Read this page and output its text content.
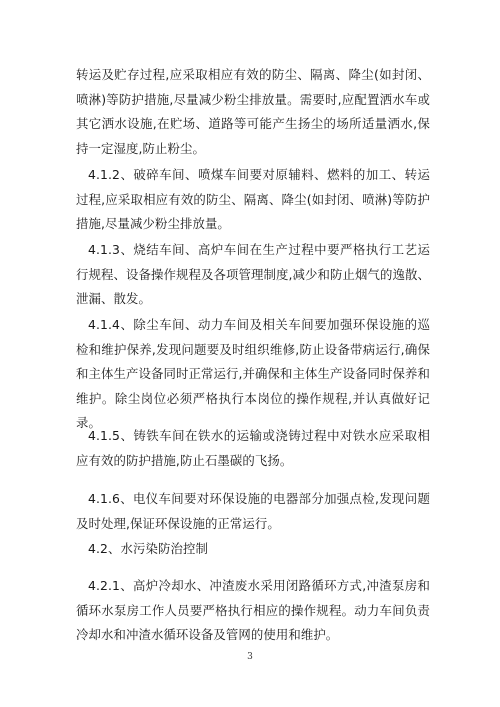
转运及贮存过程,应采取相应有效的防尘、隔离、降尘(如封闭、喷淋)等防护措施,尽量减少粉尘排放量。需要时,应配置洒水车或其它洒水设施,在贮场、道路等可能产生扬尘的场所适量洒水,保持一定湿度,防止粉尘。

4.1.2、破碎车间、喷煤车间要对原辅料、燃料的加工、转运过程,应采取相应有效的防尘、隔离、降尘(如封闭、喷淋)等防护措施,尽量减少粉尘排放量。

4.1.3、烧结车间、高炉车间在生产过程中要严格执行工艺运行规程、设备操作规程及各项管理制度,减少和防止烟气的逸散、泄漏、散发。

4.1.4、除尘车间、动力车间及相关车间要加强环保设施的巡检和维护保养,发现问题要及时组织维修,防止设备带病运行,确保和主体生产设备同时正常运行,并确保和主体生产设备同时保养和维护。除尘岗位必须严格执行本岗位的操作规程,并认真做好记录。

4.1.5、铸铁车间在铁水的运输或浇铸过程中对铁水应采取相应有效的防护措施,防止石墨碳的飞扬。

4.1.6、电仪车间要对环保设施的电器部分加强点检,发现问题及时处理,保证环保设施的正常运行。

4.2、水污染防治控制

4.2.1、高炉冷却水、冲渣废水采用闭路循环方式,冲渣泵房和循环水泵房工作人员要严格执行相应的操作规程。动力车间负责冷却水和冲渣水循环设备及管网的使用和维护。

3
